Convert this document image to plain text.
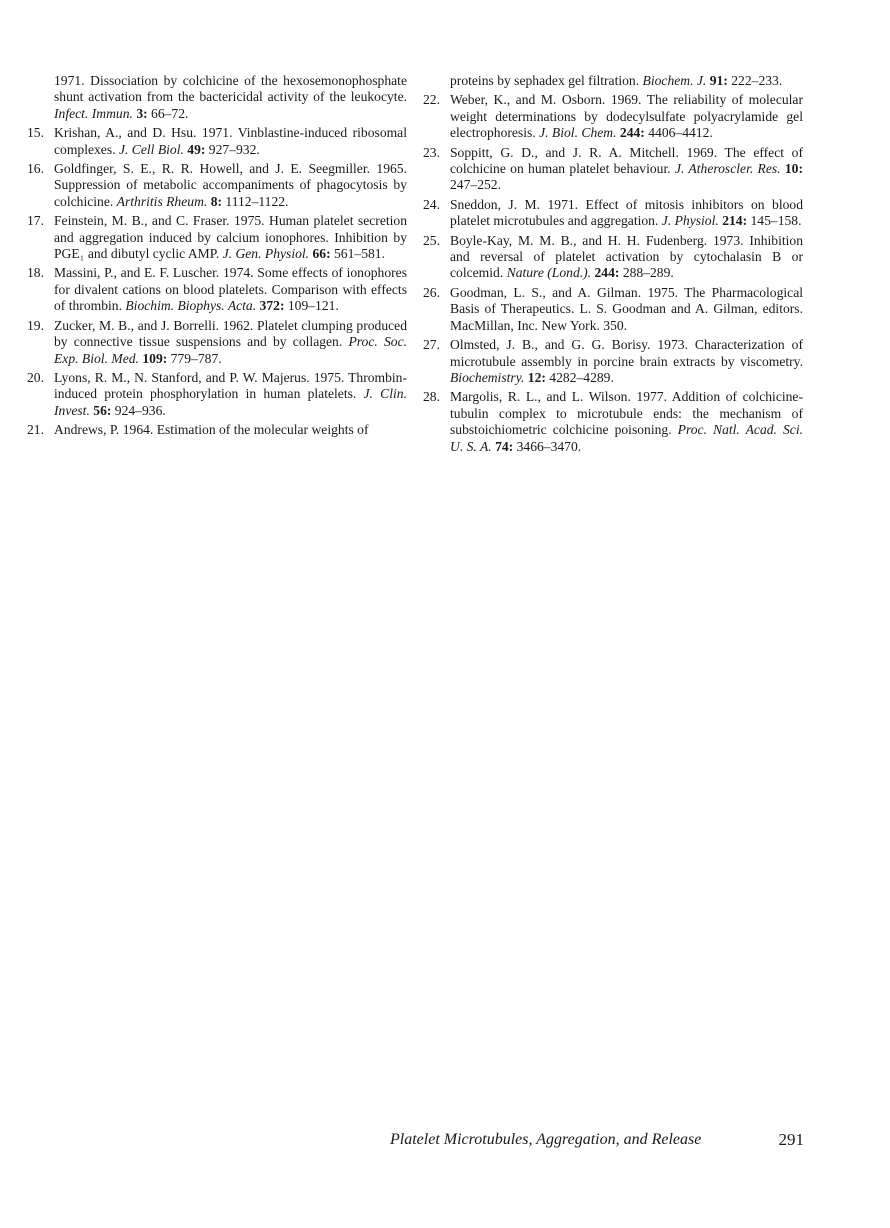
1971. Dissociation by colchicine of the hexosemonophosphate shunt activation from the bactericidal activity of the leukocyte. Infect. Immun. 3: 66–72.

15. Krishan, A., and D. Hsu. 1971. Vinblastine-induced ribosomal complexes. J. Cell Biol. 49: 927–932.

16. Goldfinger, S. E., R. R. Howell, and J. E. Seegmiller. 1965. Suppression of metabolic accompaniments of phagocytosis by colchicine. Arthritis Rheum. 8: 1112–1122.

17. Feinstein, M. B., and C. Fraser. 1975. Human platelet secretion and aggregation induced by calcium ionophores. Inhibition by PGE₁ and dibutyl cyclic AMP. J. Gen. Physiol. 66: 561–581.

18. Massini, P., and E. F. Luscher. 1974. Some effects of ionophores for divalent cations on blood platelets. Comparison with effects of thrombin. Biochim. Biophys. Acta. 372: 109–121.

19. Zucker, M. B., and J. Borrelli. 1962. Platelet clumping produced by connective tissue suspensions and by collagen. Proc. Soc. Exp. Biol. Med. 109: 779–787.

20. Lyons, R. M., N. Stanford, and P. W. Majerus. 1975. Thrombin-induced protein phosphorylation in human platelets. J. Clin. Invest. 56: 924–936.

21. Andrews, P. 1964. Estimation of the molecular weights of

proteins by sephadex gel filtration. Biochem. J. 91: 222–233.

22. Weber, K., and M. Osborn. 1969. The reliability of molecular weight determinations by dodecylsulfate polyacrylamide gel electrophoresis. J. Biol. Chem. 244: 4406–4412.

23. Soppitt, G. D., and J. R. A. Mitchell. 1969. The effect of colchicine on human platelet behaviour. J. Atheroscler. Res. 10: 247–252.

24. Sneddon, J. M. 1971. Effect of mitosis inhibitors on blood platelet microtubules and aggregation. J. Physiol. 214: 145–158.

25. Boyle-Kay, M. M. B., and H. H. Fudenberg. 1973. Inhibition and reversal of platelet activation by cytochalasin B or colcemid. Nature (Lond.). 244: 288–289.

26. Goodman, L. S., and A. Gilman. 1975. The Pharmacological Basis of Therapeutics. L. S. Goodman and A. Gilman, editors. MacMillan, Inc. New York. 350.

27. Olmsted, J. B., and G. G. Borisy. 1973. Characterization of microtubule assembly in porcine brain extracts by viscometry. Biochemistry. 12: 4282–4289.

28. Margolis, R. L., and L. Wilson. 1977. Addition of colchicine-tubulin complex to microtubule ends: the mechanism of substoichiometric colchicine poisoning. Proc. Natl. Acad. Sci. U. S. A. 74: 3466–3470.

Platelet Microtubules, Aggregation, and Release	291
